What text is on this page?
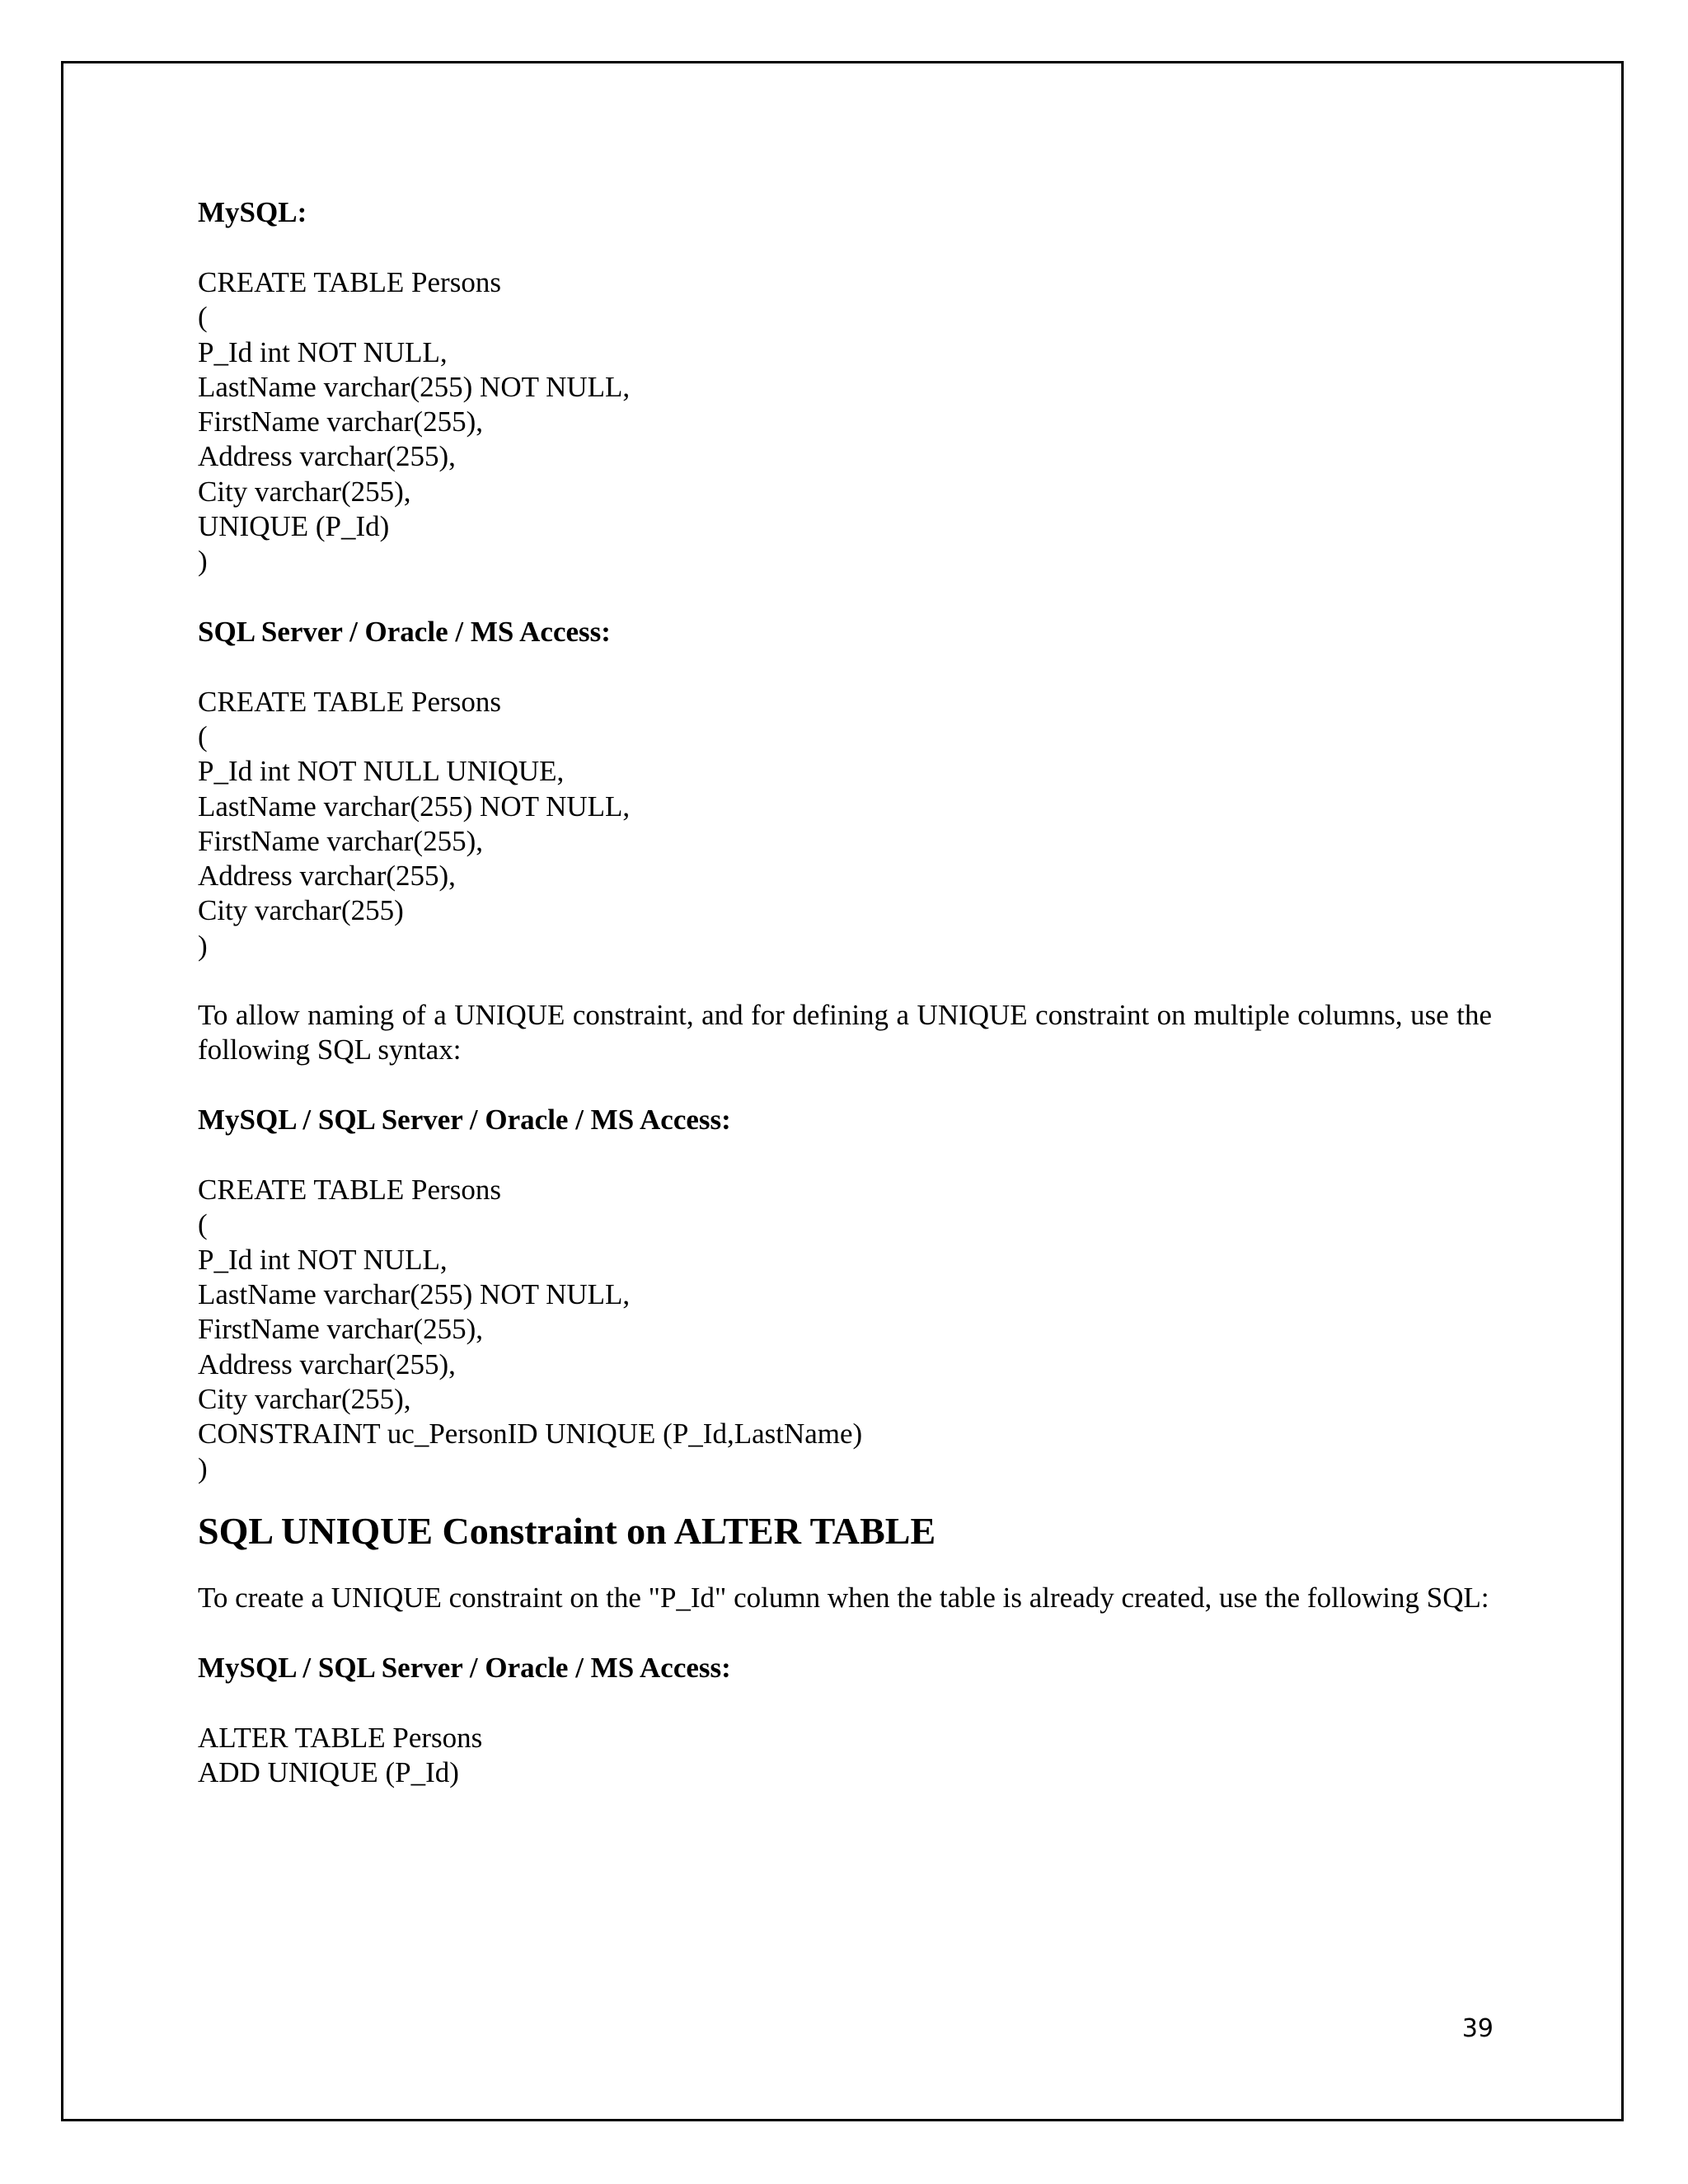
MySQL:

CREATE TABLE Persons
(
P_Id int NOT NULL,
LastName varchar(255) NOT NULL,
FirstName varchar(255),
Address varchar(255),
City varchar(255),
UNIQUE (P_Id)
)

SQL Server / Oracle / MS Access:

CREATE TABLE Persons
(
P_Id int NOT NULL UNIQUE,
LastName varchar(255) NOT NULL,
FirstName varchar(255),
Address varchar(255),
City varchar(255)
)

To allow naming of a UNIQUE constraint, and for defining a UNIQUE constraint on multiple columns, use the following SQL syntax:

MySQL / SQL Server / Oracle / MS Access:

CREATE TABLE Persons
(
P_Id int NOT NULL,
LastName varchar(255) NOT NULL,
FirstName varchar(255),
Address varchar(255),
City varchar(255),
CONSTRAINT uc_PersonID UNIQUE (P_Id,LastName)
)

SQL UNIQUE Constraint on ALTER TABLE

To create a UNIQUE constraint on the "P_Id" column when the table is already created, use the following SQL:

MySQL / SQL Server / Oracle / MS Access:

ALTER TABLE Persons
ADD UNIQUE (P_Id)
39
